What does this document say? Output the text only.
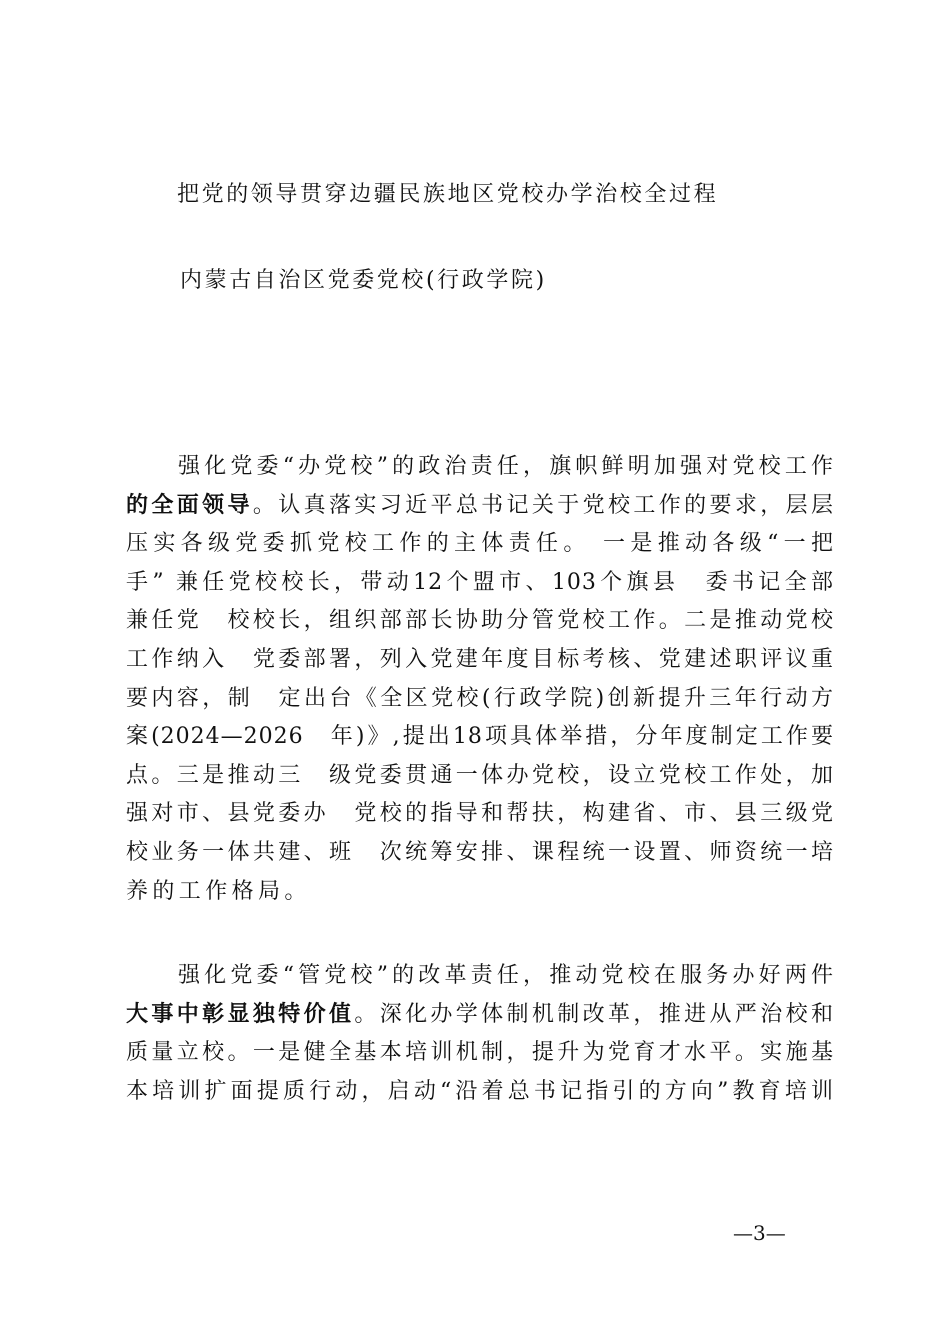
把党的领导贯穿边疆民族地区党校办学治校全过程
内蒙古自治区党委党校(行政学院)
强化党委“办党校”的政治责任，旗帜鲜明加强对党校工作
的全面领导。认真落实习近平总书记关于党校工作的要求，层层
压实各级党委抓党校工作的主体责任。 一是推动各级“一把
手” 兼任党校校长，带动12个盟市、103个旗县　委书记全部
兼任党　校校长，组织部部长协助分管党校工作。二是推动党校
工作纳入　党委部署，列入党建年度目标考核、党建述职评议重
要内容，制　定出台《全区党校(行政学院)创新提升三年行动方
案(2024—2026　年)》,提出18项具体举措，分年度制定工作要
点。三是推动三　级党委贯通一体办党校，设立党校工作处，加
强对市、县党委办　党校的指导和帮扶，构建省、市、县三级党
校业务一体共建、班　次统筹安排、课程统一设置、师资统一培
养的工作格局。
强化党委“管党校”的改革责任，推动党校在服务办好两件
大事中彰显独特价值。深化办学体制机制改革，推进从严治校和
质量立校。一是健全基本培训机制，提升为党育才水平。实施基
本培训扩面提质行动，启动“沿着总书记指引的方向”教育培训
—3—
